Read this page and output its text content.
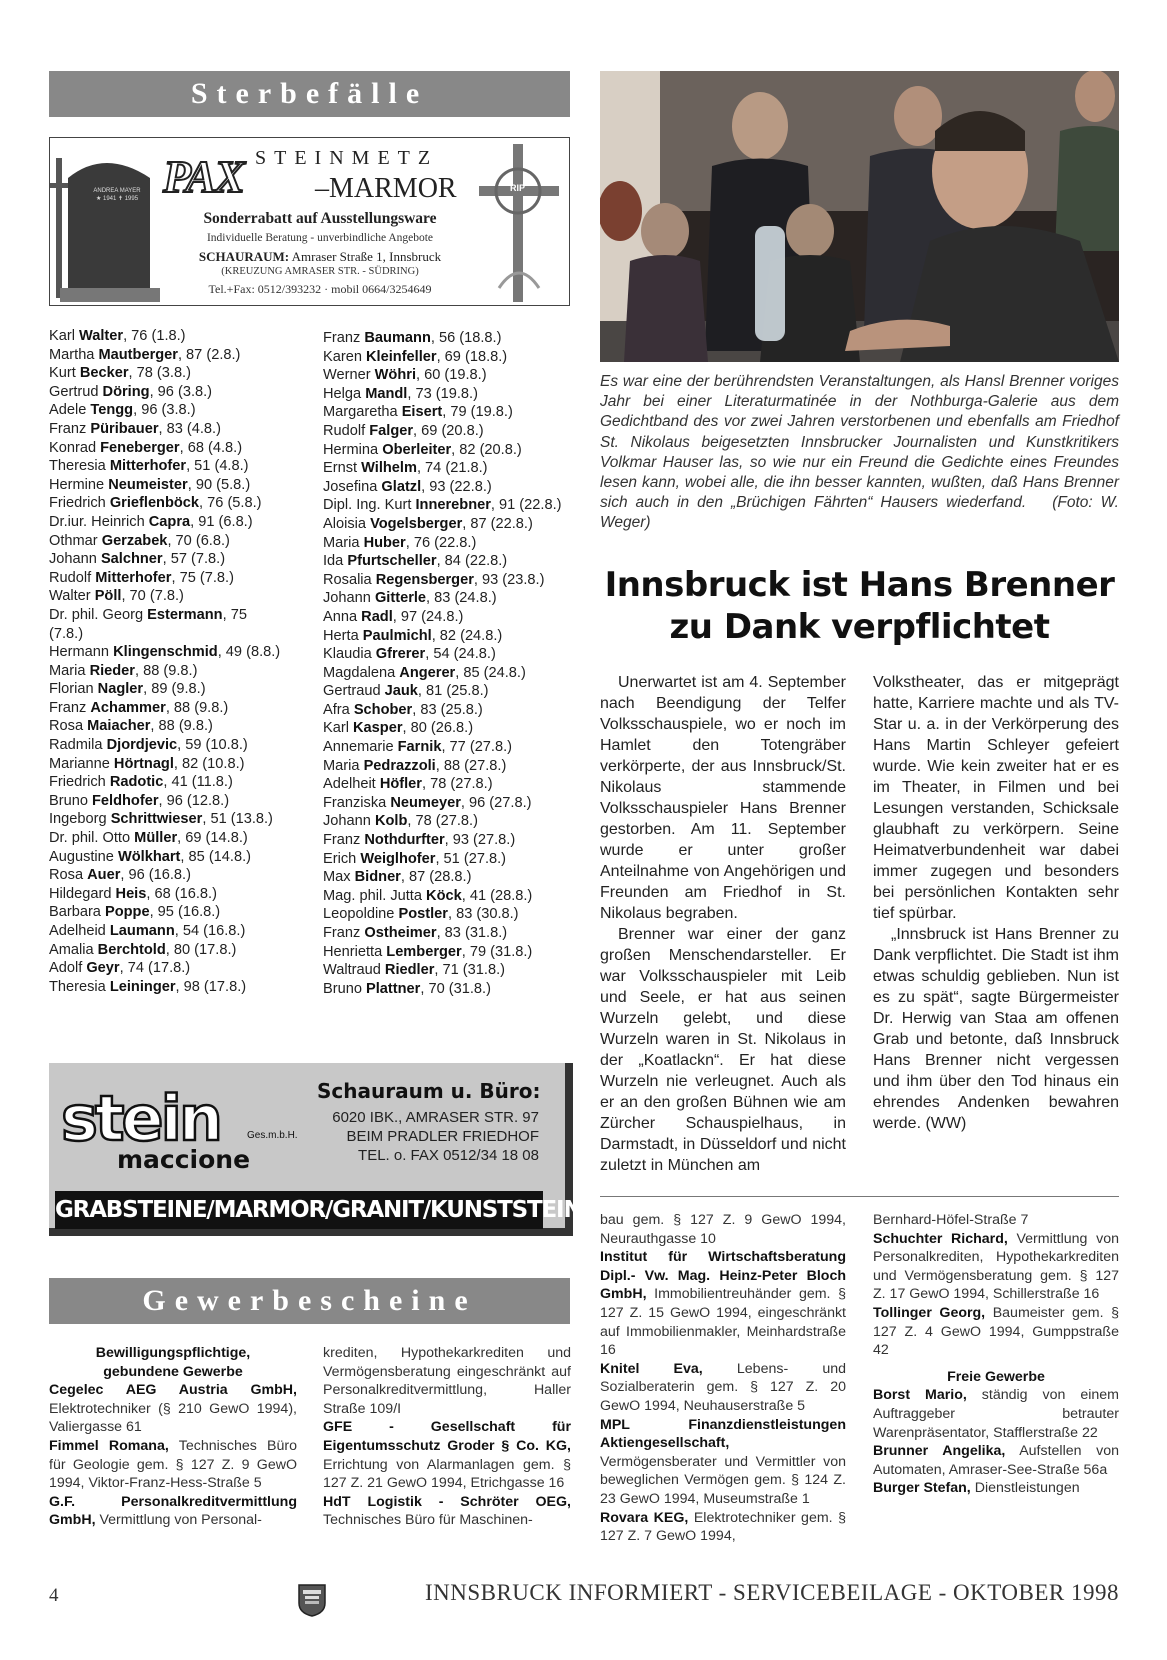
Sterbefälle
ANDREA MAYER
★ 1941 ✝ 1995 PAX STEINMETZ
–MARMOR
Sonderrabatt auf Ausstellungsware
Individuelle Beratung - unverbindliche Angebote
SCHAURAUM: Amraser Straße 1, Innsbruck
(KREUZUNG AMRASER STR. - SÜDRING)
Tel.+Fax: 0512/393232 · mobil 0664/3254649
RIP
Karl Walter, 76 (1.8.)
Martha Mautberger, 87 (2.8.)
Kurt Becker, 78 (3.8.)
Gertrud Döring, 96 (3.8.)
Adele Tengg, 96 (3.8.)
Franz Püribauer, 83 (4.8.)
Konrad Feneberger, 68 (4.8.)
Theresia Mitterhofer, 51 (4.8.)
Hermine Neumeister, 90 (5.8.)
Friedrich Grieflenböck, 76 (5.8.)
Dr.iur. Heinrich Capra, 91 (6.8.)
Othmar Gerzabek, 70 (6.8.)
Johann Salchner, 57 (7.8.)
Rudolf Mitterhofer, 75 (7.8.)
Walter Pöll, 70 (7.8.)
Dr. phil. Georg Estermann, 75 (7.8.)
Hermann Klingenschmid, 49 (8.8.)
Maria Rieder, 88 (9.8.)
Florian Nagler, 89 (9.8.)
Franz Achammer, 88 (9.8.)
Rosa Maiacher, 88 (9.8.)
Radmila Djordjevic, 59 (10.8.)
Marianne Hörtnagl, 82 (10.8.)
Friedrich Radotic, 41 (11.8.)
Bruno Feldhofer, 96 (12.8.)
Ingeborg Schrittwieser, 51 (13.8.)
Dr. phil. Otto Müller, 69 (14.8.)
Augustine Wölkhart, 85 (14.8.)
Rosa Auer, 96 (16.8.)
Hildegard Heis, 68 (16.8.)
Barbara Poppe, 95 (16.8.)
Adelheid Laumann, 54 (16.8.)
Amalia Berchtold, 80 (17.8.)
Adolf Geyr, 74 (17.8.)
Theresia Leininger, 98 (17.8.)
Franz Baumann, 56 (18.8.)
Karen Kleinfeller, 69 (18.8.)
Werner Wöhri, 60 (19.8.)
Helga Mandl, 73 (19.8.)
Margaretha Eisert, 79 (19.8.)
Rudolf Falger, 69 (20.8.)
Hermina Oberleiter, 82 (20.8.)
Ernst Wilhelm, 74 (21.8.)
Josefina Glatzl, 93 (22.8.)
Dipl. Ing. Kurt Innerebner, 91 (22.8.)
Aloisia Vogelsberger, 87 (22.8.)
Maria Huber, 76 (22.8.)
Ida Pfurtscheller, 84 (22.8.)
Rosalia Regensberger, 93 (23.8.)
Johann Gitterle, 83 (24.8.)
Anna Radl, 97 (24.8.)
Herta Paulmichl, 82 (24.8.)
Klaudia Gfrerer, 54 (24.8.)
Magdalena Angerer, 85 (24.8.)
Gertraud Jauk, 81 (25.8.)
Afra Schober, 83 (25.8.)
Karl Kasper, 80 (26.8.)
Annemarie Farnik, 77 (27.8.)
Maria Pedrazzoli, 88 (27.8.)
Adelheit Höfler, 78 (27.8.)
Franziska Neumeyer, 96 (27.8.)
Johann Kolb, 78 (27.8.)
Franz Nothdurfter, 93 (27.8.)
Erich Weiglhofer, 51 (27.8.)
Max Bidner, 87 (28.8.)
Mag. phil. Jutta Köck, 41 (28.8.)
Leopoldine Postler, 83 (30.8.)
Franz Ostheimer, 83 (31.8.)
Henrietta Lemberger, 79 (31.8.)
Waltraud Riedler, 71 (31.8.)
Bruno Plattner, 70 (31.8.)
stein
maccione
Ges.m.b.H.
Schauraum u. Büro:
6020 IBK., AMRASER STR. 97
BEIM PRADLER FRIEDHOF
TEL. o. FAX 0512/34 18 08
GRABSTEINE/MARMOR/GRANIT/KUNSTSTEIN
Gewerbescheine
Es war eine der berührendsten Veranstaltungen, als Hansl Brenner voriges Jahr bei einer Literaturmatinée in der Nothburga-Galerie aus dem Gedichtband des vor zwei Jahren verstorbenen und ebenfalls am Friedhof St. Nikolaus beigesetzten Innsbrucker Journalisten und Kunstkritikers Volkmar Hauser las, so wie nur ein Freund die Gedichte eines Freundes lesen kann, wobei alle, die ihn besser kannten, wußten, daß Hans Brenner sich auch in den „Brüchigen Fährten“ Hausers wiederfand. (Foto: W. Weger)
Innsbruck ist Hans Brenner
zu Dank verpflichtet

Unerwartet ist am 4. September nach Beendigung der Telfer Volksschauspiele, wo er noch im Hamlet den Totengräber verkörperte, der aus Innsbruck/St. Nikolaus stammende Volksschauspieler Hans Brenner gestorben. Am 11. September wurde er unter großer Anteilnahme von Angehörigen und Freunden am Friedhof in St. Nikolaus begraben.

Brenner war einer der ganz großen Menschendarsteller. Er war Volksschauspieler mit Leib und Seele, er hat aus seinen Wurzeln gelebt, und diese Wurzeln waren in St. Nikolaus in der „Koatlackn“. Er hat diese Wurzeln nie verleugnet. Auch als er an den großen Bühnen wie am Zürcher Schauspielhaus, in Darmstadt, in Düsseldorf und nicht zuletzt in München am

Volkstheater, das er mitgeprägt hatte, Karriere machte und als TV-Star u. a. in der Verkörperung des Hans Martin Schleyer gefeiert wurde. Wie kein zweiter hat er es im Theater, in Filmen und bei Lesungen verstanden, Schicksale glaubhaft zu verkörpern. Seine Heimatverbundenheit war dabei immer zugegen und besonders bei persönlichen Kontakten sehr tief spürbar.

„Innsbruck ist Hans Brenner zu Dank verpflichtet. Die Stadt ist ihm etwas schuldig geblieben. Nun ist es zu spät“, sagte Bürgermeister Dr. Herwig van Staa am offenen Grab und betonte, daß Innsbruck Hans Brenner nicht vergessen und ihm über den Tod hinaus ein ehrendes Andenken bewahren werde. (WW)

Bewilligungspflichtige, gebundene Gewerbe
Cegelec AEG Austria GmbH, Elektrotechniker (§ 210 GewO 1994), Valiergasse 61
Fimmel Romana, Technisches Büro für Geologie gem. § 127 Z. 9 GewO 1994, Viktor-Franz-Hess-Straße 5
G.F. Personalkreditvermittlung GmbH, Vermittlung von Personal-
krediten, Hypothekarkrediten und Vermögensberatung eingeschränkt auf Personalkreditvermittlung, Haller Straße 109/I
GFE - Gesellschaft für Eigentumsschutz Groder § Co. KG, Errichtung von Alarmanlagen gem. § 127 Z. 21 GewO 1994, Etrichgasse 16
HdT Logistik - Schröter OEG, Technisches Büro für Maschinen-
bau gem. § 127 Z. 9 GewO 1994, Neurauthgasse 10
Institut für Wirtschaftsberatung Dipl.- Vw. Mag. Heinz-Peter Bloch GmbH, Immobilientreuhänder gem. § 127 Z. 15 GewO 1994, eingeschränkt auf Immobilienmakler, Meinhardstraße 16
Knitel Eva, Lebens- und Sozialberaterin gem. § 127 Z. 20 GewO 1994, Neuhauserstraße 5
MPL Finanzdienstleistungen Aktiengesellschaft, Vermögensberater und Vermittler von beweglichen Vermögen gem. § 124 Z. 23 GewO 1994, Museumstraße 1
Rovara KEG, Elektrotechniker gem. § 127 Z. 7 GewO 1994,
Bernhard-Höfel-Straße 7
Schuchter Richard, Vermittlung von Personalkrediten, Hypothekarkrediten und Vermögensberatung gem. § 127 Z. 17 GewO 1994, Schillerstraße 16
Tollinger Georg, Baumeister gem. § 127 Z. 4 GewO 1994, Gumppstraße 42
Freie Gewerbe
Borst Mario, ständig von einem Auftraggeber betrauter Warenpräsentator, Stafflerstraße 22
Brunner Angelika, Aufstellen von Automaten, Amraser-See-Straße 56a
Burger Stefan, Dienstleistungen
4	INNSBRUCK INFORMIERT - SERVICEBEILAGE - OKTOBER 1998
